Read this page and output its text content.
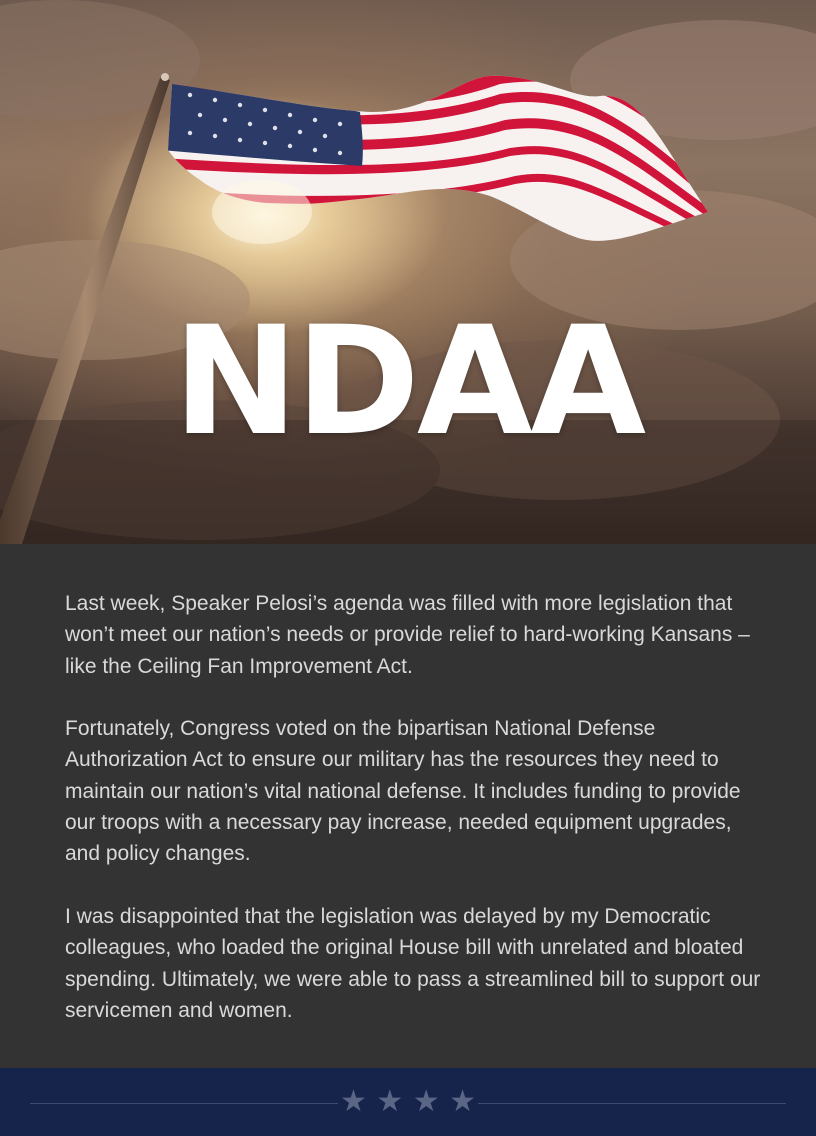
NDAA

Last week, Speaker Pelosi’s agenda was filled with more legislation that won’t meet our nation’s needs or provide relief to hard-working Kansans – like the Ceiling Fan Improvement Act.

Fortunately, Congress voted on the bipartisan National Defense Authorization Act to ensure our military has the resources they need to maintain our nation’s vital national defense. It includes funding to provide our troops with a necessary pay increase, needed equipment upgrades, and policy changes.

I was disappointed that the legislation was delayed by my Democratic colleagues, who loaded the original House bill with unrelated and bloated spending. Ultimately, we were able to pass a streamlined bill to support our servicemen and women.

★ ★ ★ ★
